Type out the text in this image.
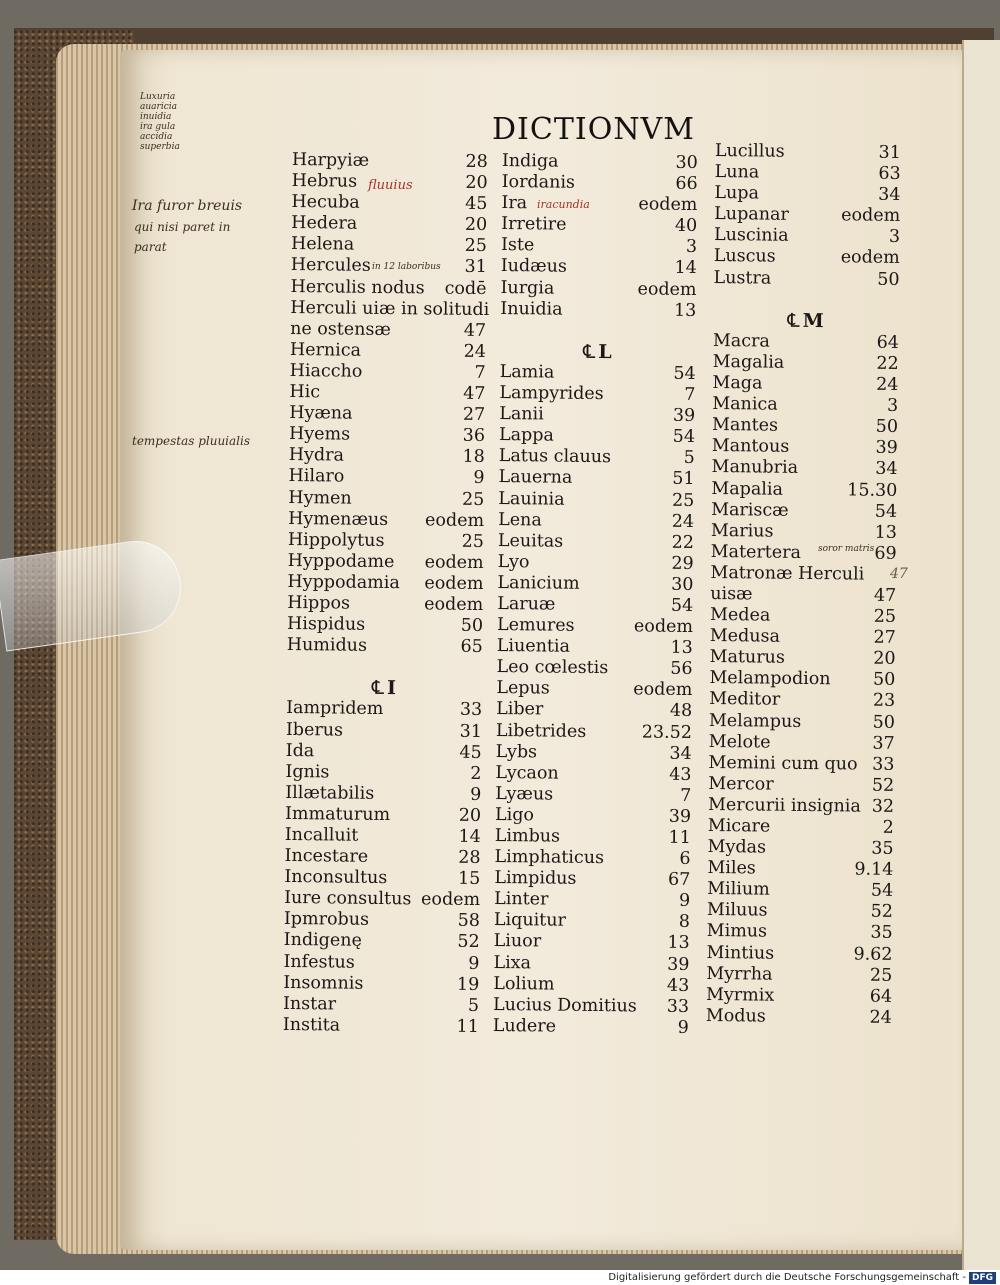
Luxuria
auaricia
inuidia
ira gula
accidia
superbia
Ira furor breuis
qui nisi paret in
parat
tempestas pluuialis
fluuius
iracundia
in 12 laboribus
soror matris
47
DICTIONVM
Harpyiæ	28
Hebrus	20
Hecuba	45
Hedera	20
Helena	25
Hercules	31
Herculis nodus codē
Herculi uiæ in solitudi
ne ostensæ	47
Hernica	24
Hiaccho	7
Hic	47
Hyæna	27
Hyems	36
Hydra	18
Hilaro	9
Hymen	25
Hymenæus eodem
Hippolytus	25
Hyppodame eodem
Hyppodamia eodem
Hippos	eodem
Hispidus	50
Humidus	65
℄I
Iampridem	33
Iberus	31
Ida	45
Ignis	2
Illætabilis	9
Immaturum	20
Incalluit	14
Incestare	28
Inconsultus	15
Iure consultus eodem
Ipmrobus	58
Indigenę	52
Infestus	9
Insomnis	19
Instar	5
Institа	11
Indiga	30
Iordanis	66
Ira	eodem
Irretire	40
Iste	3
Iudæus	14
Iurgia	eodem
Inuidia	13
℄L
Lamia	54
Lampyrides	7
Lanii	39
Lappa	54
Latus clauus	5
Lauerna	51
Lauinia	25
Lena	24
Leuitas	22
Lyo	29
Lanicium	30
Laruæ	54
Lemures	eodem
Liuentia	13
Leo cœlestis	56
Lepus	eodem
Liber	48
Libetrides	23.52
Lybs	34
Lycaon	43
Lyæus	7
Ligo	39
Limbus	11
Limphaticus	6
Limpidus	67
Linter	9
Liquitur	8
Liuor	13
Lixa	39
Lolium	43
Lucius Domitius 33
Ludere	9
Lucillus	31
Luna	63
Lupa	34
Lupanar	eodem
Luscinia	3
Luscus	eodem
Lustra	50
℄M
Macra	64
Magalia	22
Maga	24
Manica	3
Mantes	50
Mantous	39
Manubria	34
Mapalia	15.30
Mariscæ	54
Marius	13
Matertera	69
Matronæ Herculi
uisæ	47
Medea	25
Medusa	27
Maturus	20
Melampodion 50
Meditor	23
Melampus	50
Melote	37
Memini cum quo 33
Mercor	52
Mercurii insignia 32
Micare	2
Mydas	35
Miles	9.14
Milium	54
Miluus	52
Mimus	35
Mintius	9.62
Myrrha	25
Myrmix	64
Modus	24
Digitalisierung gefördert durch die Deutsche Forschungsgemeinschaft - DFG
